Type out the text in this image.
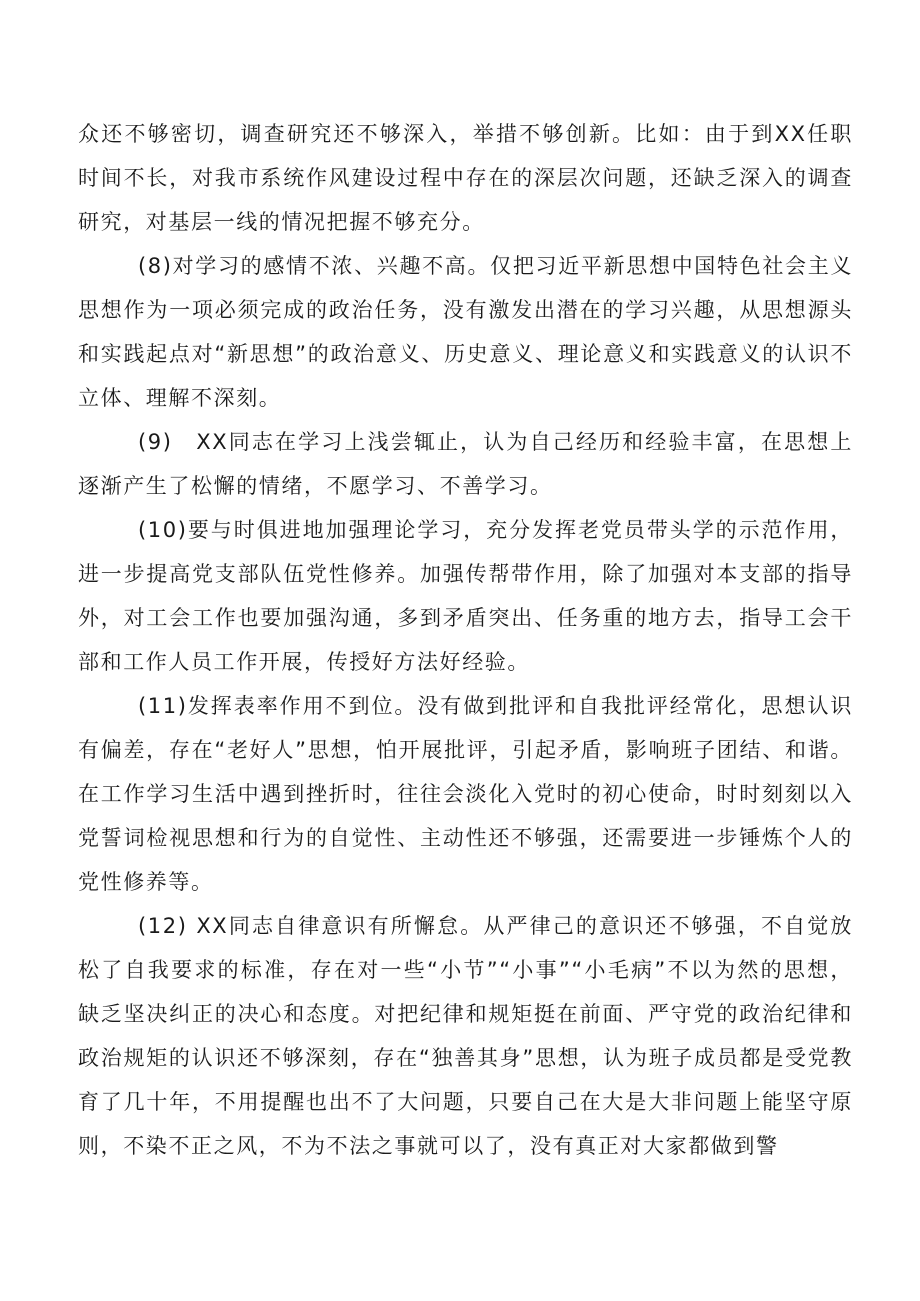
众还不够密切，调查研究还不够深入，举措不够创新。比如：由于到XX任职时间不长，对我市系统作风建设过程中存在的深层次问题，还缺乏深入的调查研究，对基层一线的情况把握不够充分。

(8)对学习的感情不浓、兴趣不高。仅把习近平新思想中国特色社会主义思想作为一项必须完成的政治任务，没有激发出潜在的学习兴趣，从思想源头和实践起点对“新思想”的政治意义、历史意义、理论意义和实践意义的认识不立体、理解不深刻。

(9)　XX同志在学习上浅尝辄止，认为自己经历和经验丰富，在思想上逐渐产生了松懈的情绪，不愿学习、不善学习。

(10)要与时俱进地加强理论学习，充分发挥老党员带头学的示范作用，进一步提高党支部队伍党性修养。加强传帮带作用，除了加强对本支部的指导外，对工会工作也要加强沟通，多到矛盾突出、任务重的地方去，指导工会干部和工作人员工作开展，传授好方法好经验。

(11)发挥表率作用不到位。没有做到批评和自我批评经常化，思想认识有偏差，存在“老好人”思想，怕开展批评，引起矛盾，影响班子团结、和谐。在工作学习生活中遇到挫折时，往往会淡化入党时的初心使命，时时刻刻以入党誓词检视思想和行为的自觉性、主动性还不够强，还需要进一步锤炼个人的党性修养等。

(12) XX同志自律意识有所懈怠。从严律己的意识还不够强，不自觉放松了自我要求的标准，存在对一些“小节”“小事”“小毛病”不以为然的思想，缺乏坚决纠正的决心和态度。对把纪律和规矩挺在前面、严守党的政治纪律和政治规矩的认识还不够深刻，存在“独善其身”思想，认为班子成员都是受党教育了几十年，不用提醒也出不了大问题，只要自己在大是大非问题上能坚守原则，不染不正之风，不为不法之事就可以了，没有真正对大家都做到警
